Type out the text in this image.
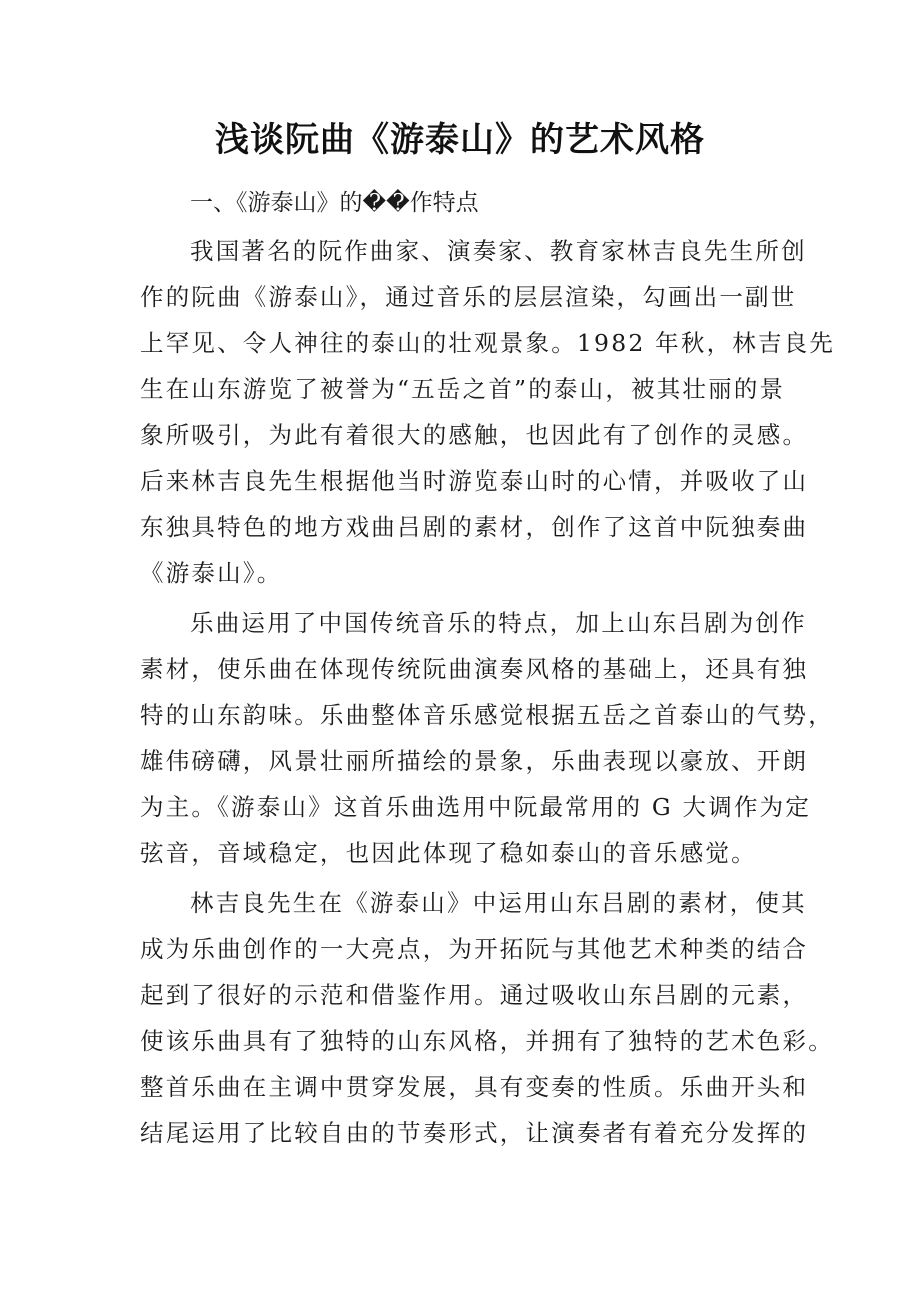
浅谈阮曲《游泰山》的艺术风格
一、《游泰山》的��作特点
我国著名的阮作曲家、演奏家、教育家林吉良先生所创
作的阮曲《游泰山》，通过音乐的层层渲染，勾画出一副世
上罕见、令人神往的泰山的壮观景象。1982 年秋，林吉良先
生在山东游览了被誉为“五岳之首”的泰山，被其壮丽的景
象所吸引，为此有着很大的感触，也因此有了创作的灵感。
后来林吉良先生根据他当时游览泰山时的心情，并吸收了山
东独具特色的地方戏曲吕剧的素材，创作了这首中阮独奏曲
《游泰山》。
乐曲运用了中国传统音乐的特点，加上山东吕剧为创作
素材，使乐曲在体现传统阮曲演奏风格的基础上，还具有独
特的山东韵味。乐曲整体音乐感觉根据五岳之首泰山的气势，
雄伟磅礴，风景壮丽所描绘的景象，乐曲表现以豪放、开朗
为主。《游泰山》这首乐曲选用中阮最常用的 G 大调作为定
弦音，音域稳定，也因此体现了稳如泰山的音乐感觉。
林吉良先生在《游泰山》中运用山东吕剧的素材，使其
成为乐曲创作的一大亮点，为开拓阮与其他艺术种类的结合
起到了很好的示范和借鉴作用。通过吸收山东吕剧的元素，
使该乐曲具有了独特的山东风格，并拥有了独特的艺术色彩。
整首乐曲在主调中贯穿发展，具有变奏的性质。乐曲开头和
结尾运用了比较自由的节奏形式，让演奏者有着充分发挥的
